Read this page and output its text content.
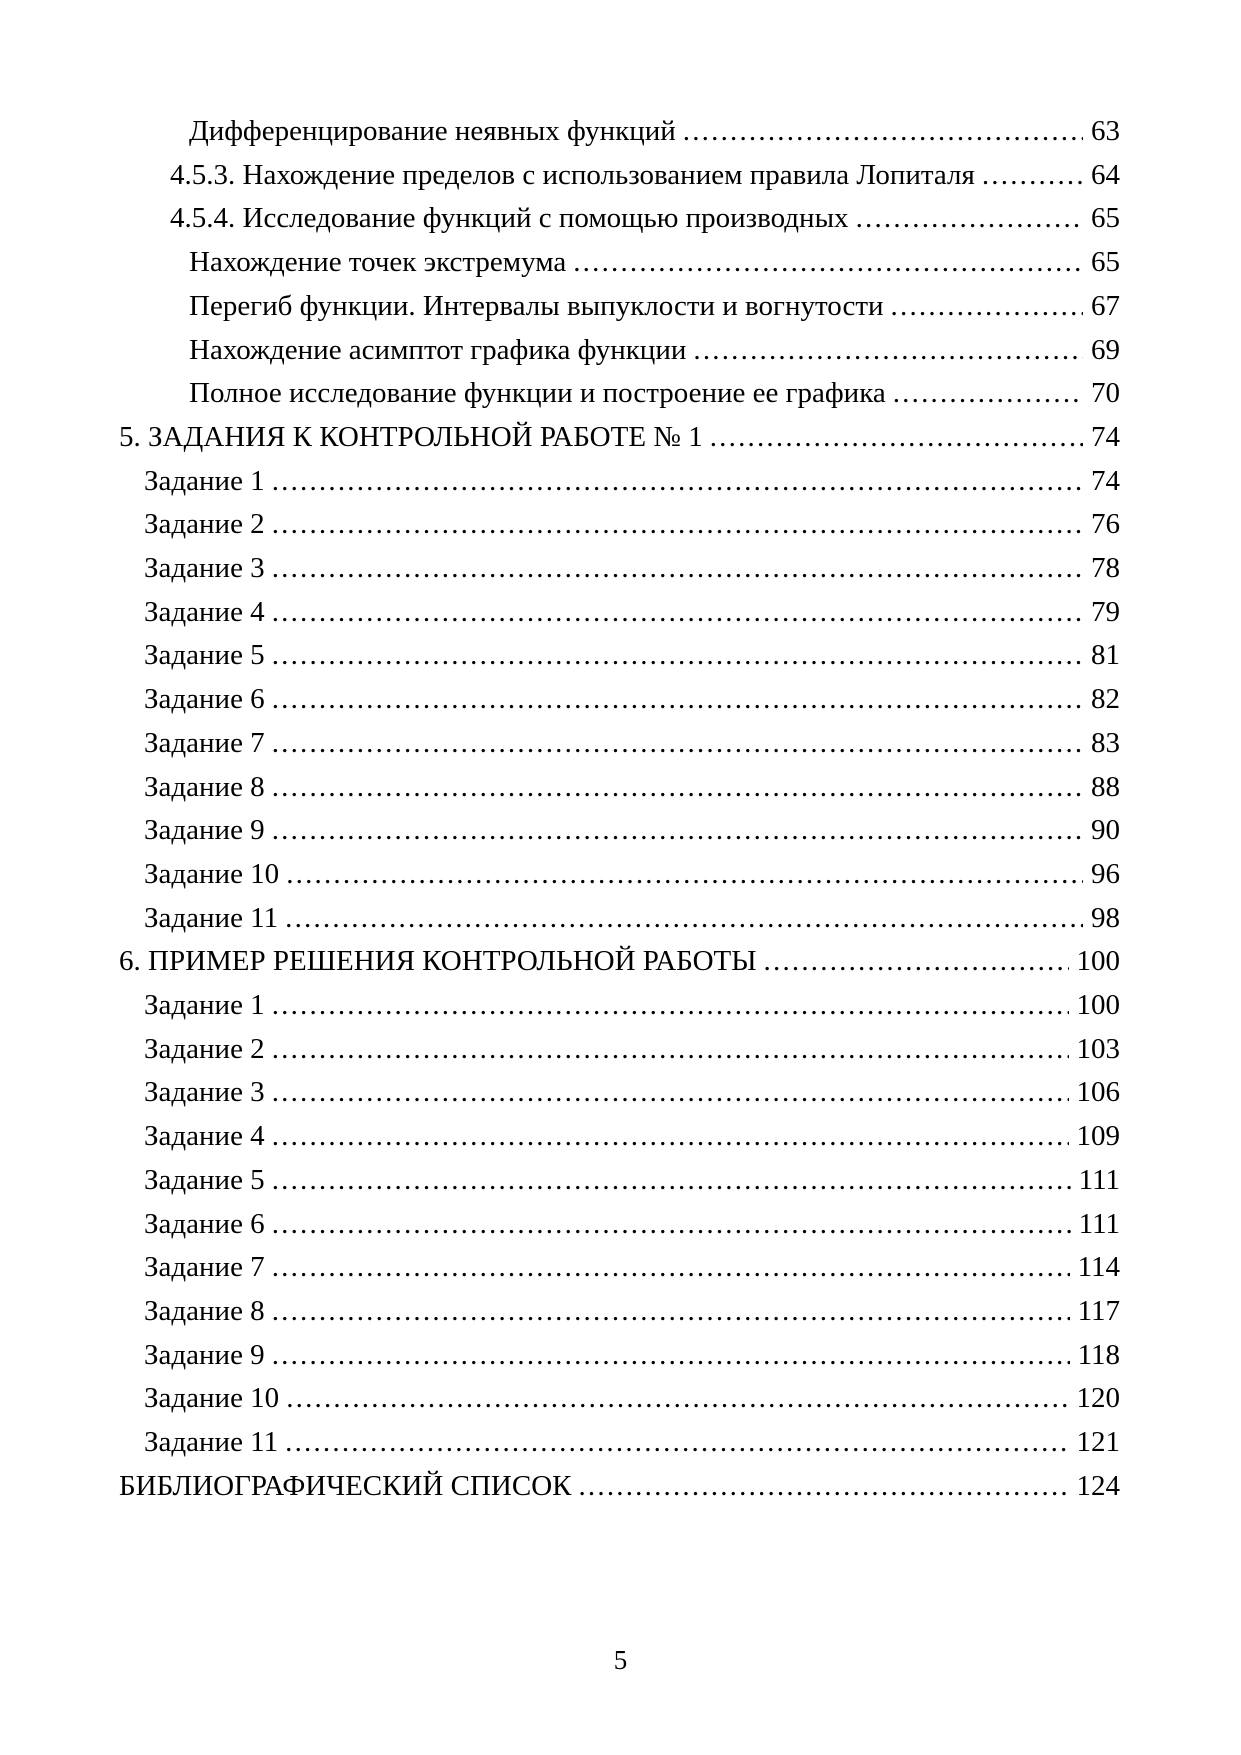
Дифференцирование неявных функций .....	63
4.5.3. Нахождение пределов с использованием правила Лопиталя .....	64
4.5.4. Исследование функций с помощью производных .....	65
Нахождение точек экстремума .....	65
Перегиб функции. Интервалы выпуклости и вогнутости .....	67
Нахождение асимптот графика функции .....	69
Полное исследование функции и построение ее графика .....	70
5. ЗАДАНИЯ К КОНТРОЛЬНОЙ РАБОТЕ № 1 .....	74
Задание 1 .....	74
Задание 2 .....	76
Задание 3 .....	78
Задание 4 .....	79
Задание 5 .....	81
Задание 6 .....	82
Задание 7 .....	83
Задание 8 .....	88
Задание 9 .....	90
Задание 10 .....	96
Задание 11 .....	98
6. ПРИМЕР РЕШЕНИЯ КОНТРОЛЬНОЙ РАБОТЫ .....	100
Задание 1 .....	100
Задание 2 .....	103
Задание 3 .....	106
Задание 4 .....	109
Задание 5 .....	111
Задание 6 .....	111
Задание 7 .....	114
Задание 8 .....	117
Задание 9 .....	118
Задание 10 .....	120
Задание 11 .....	121
БИБЛИОГРАФИЧЕСКИЙ СПИСОК .....	124
5
